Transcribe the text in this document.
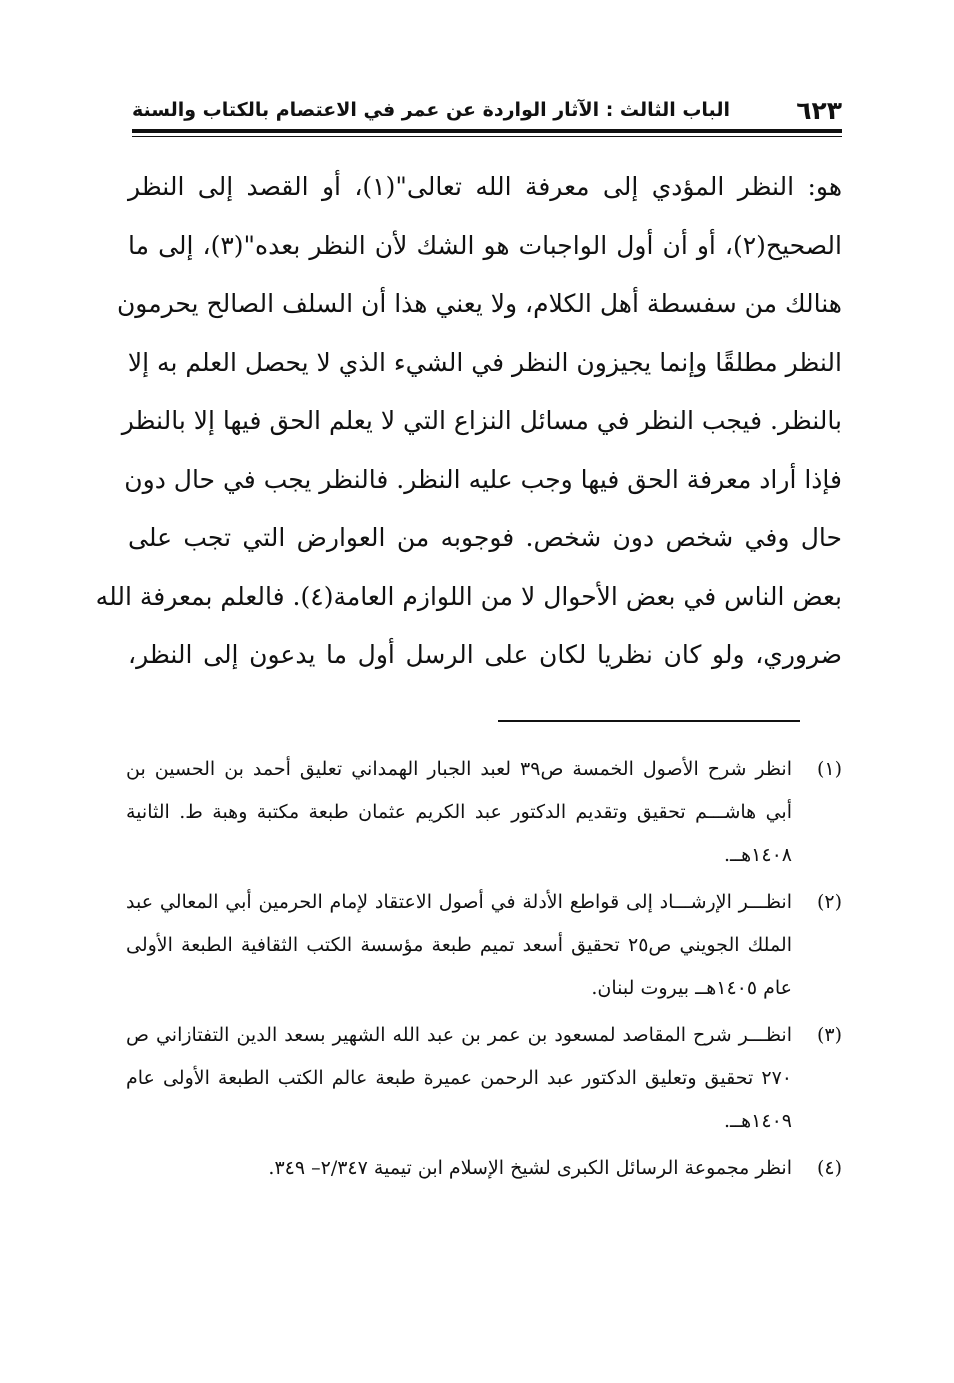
٦٢٣
الباب الثالث : الآثار الواردة عن عمر في الاعتصام بالكتاب والسنة
هو: النظر المؤدي إلى معرفة الله تعالى"(١)، أو القصد إلى النظر
الصحيح(٢)، أو أن أول الواجبات هو الشك لأن النظر بعده"(٣)، إلى ما
هنالك من سفسطة أهل الكلام، ولا يعني هذا أن السلف الصالح يحرمون
النظر مطلقًا وإنما يجيزون النظر في الشيء الذي لا يحصل العلم به إلا
بالنظر. فيجب النظر في مسائل النزاع التي لا يعلم الحق فيها إلا بالنظر
فإذا أراد معرفة الحق فيها وجب عليه النظر. فالنظر يجب في حال دون
حال وفي شخص دون شخص. فوجوبه من العوارض التي تجب على
بعض الناس في بعض الأحوال لا من اللوازم العامة(٤). فالعلم بمعرفة الله
ضروري، ولو كان نظريا لكان على الرسل أول ما يدعون إلى النظر،
(١)
انظر شرح الأصول الخمسة ص٣٩ لعبد الجبار الهمداني تعليق أحمد بن الحسين بن
أبي هاشـــم تحقيق وتقديم الدكتور عبد الكريم عثمان طبعة مكتبة وهبة ط. الثانية
١٤٠٨هــ.
(٢)
انظـــر الإرشـــاد إلى قواطع الأدلة في أصول الاعتقاد لإمام الحرمين أبي المعالي عبد
الملك الجويني ص٢٥ تحقيق أسعد تميم طبعة مؤسسة الكتب الثقافية الطبعة الأولى
عام ١٤٠٥هــ بيروت لبنان.
(٣)
انظـــر شرح المقاصد لمسعود بن عمر بن عبد الله الشهير بسعد الدين التفتازاني ص
٢٧٠ تحقيق وتعليق الدكتور عبد الرحمن عميرة طبعة عالم الكتب الطبعة الأولى عام
١٤٠٩هــ.
(٤)
انظر مجموعة الرسائل الكبرى لشيخ الإسلام ابن تيمية ٢/٣٤٧– ٣٤٩.
